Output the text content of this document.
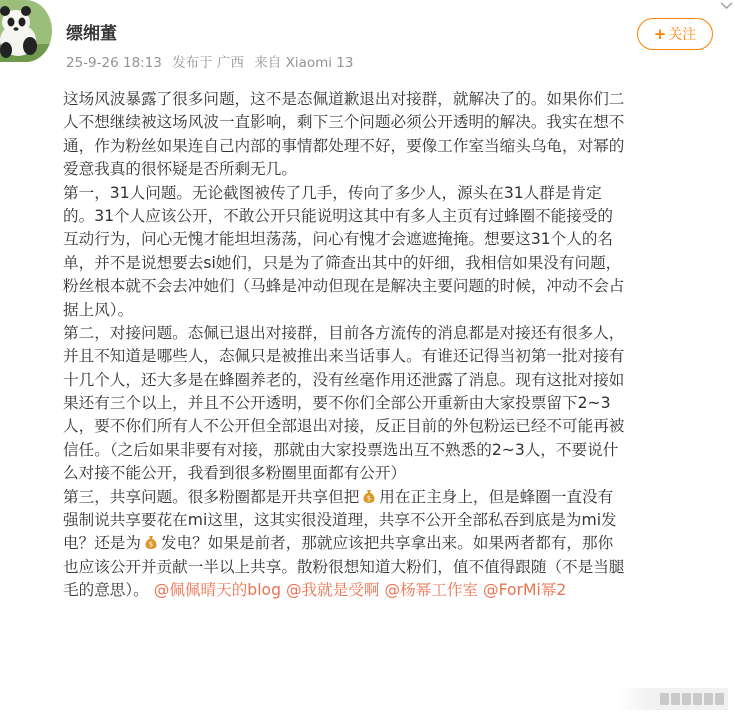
缥缃董
25-9-26 18:13 发布于 广西 来自 Xiaomi 13
+ 关注
这场风波暴露了很多问题，这不是态佩道歉退出对接群，就解决了的。如果你们二
人不想继续被这场风波一直影响，剩下三个问题必须公开透明的解决。我实在想不
通，作为粉丝如果连自己内部的事情都处理不好，要像工作室当缩头乌龟，对幂的
爱意我真的很怀疑是否所剩无几。
第一，31人问题。无论截图被传了几手，传向了多少人，源头在31人群是肯定
的。31个人应该公开，不敢公开只能说明这其中有多人主页有过蜂圈不能接受的
互动行为，问心无愧才能坦坦荡荡，问心有愧才会遮遮掩掩。想要这31个人的名
单，并不是说想要去si她们，只是为了筛查出其中的奸细，我相信如果没有问题，
粉丝根本就不会去冲她们（马蜂是冲动但现在是解决主要问题的时候，冲动不会占
据上风）。
第二，对接问题。态佩已退出对接群，目前各方流传的消息都是对接还有很多人，
并且不知道是哪些人，态佩只是被推出来当话事人。有谁还记得当初第一批对接有
十几个人，还大多是在蜂圈养老的，没有丝毫作用还泄露了消息。现有这批对接如
果还有三个以上，并且不公开透明，要不你们全部公开重新由大家投票留下2~3
人，要不你们所有人不公开但全部退出对接，反正目前的外包粉运已经不可能再被
信任。（之后如果非要有对接，那就由大家投票选出互不熟悉的2~3人，不要说什
么对接不能公开，我看到很多粉圈里面都有公开）
第三，共享问题。很多粉圈都是开共享但把 $ 用在正主身上，但是蜂圈一直没有
强制说共享要花在mi这里，这其实很没道理，共享不公开全部私吞到底是为mi发
电？还是为 $ 发电？如果是前者，那就应该把共享拿出来。如果两者都有，那你
也应该公开并贡献一半以上共享。散粉很想知道大粉们，值不值得跟随（不是当腿
毛的意思）。 @佩佩晴天的blog @我就是受啊 @杨幂工作室 @ForMi幂2
